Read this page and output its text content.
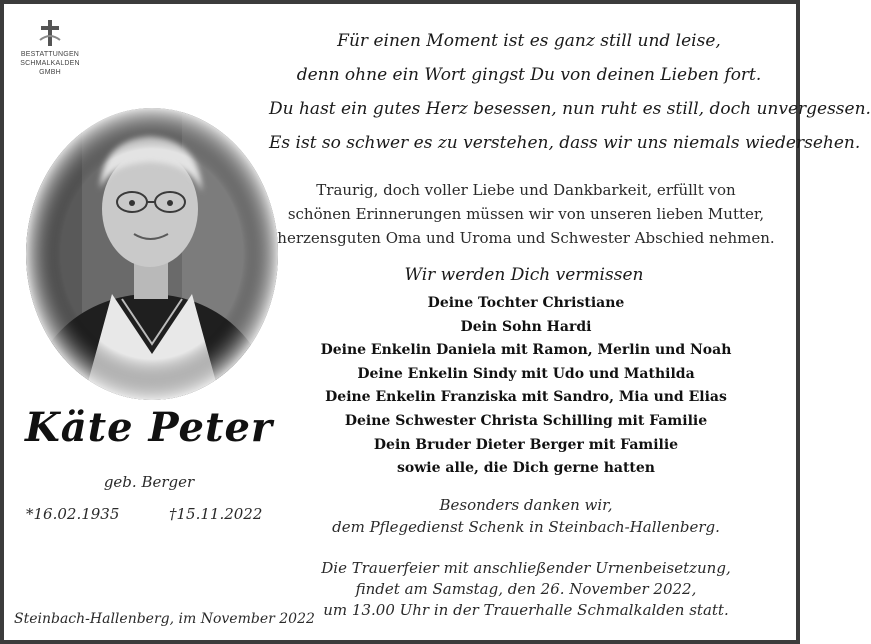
BESTATTUNGEN
SCHMALKALDEN
GMBH
Für einen Moment ist es ganz still und leise,
denn ohne ein Wort gingst Du von deinen Lieben fort.
Du hast ein gutes Herz besessen, nun ruht es still, doch unvergessen.
Es ist so schwer es zu verstehen, dass wir uns niemals wiedersehen.
Käte Peter
geb. Berger
*16.02.1935	†15.11.2022
Traurig, doch voller Liebe und Dankbarkeit, erfüllt von
schönen Erinnerungen müssen wir von unseren lieben Mutter,
herzensguten Oma und Uroma und Schwester Abschied nehmen.
Wir werden Dich vermissen
Deine Tochter Christiane
Dein Sohn Hardi
Deine Enkelin Daniela mit Ramon, Merlin und Noah
Deine Enkelin Sindy mit Udo und Mathilda
Deine Enkelin Franziska mit Sandro, Mia und Elias
Deine Schwester Christa Schilling mit Familie
Dein Bruder Dieter Berger mit Familie
sowie alle, die Dich gerne hatten
Besonders danken wir,
dem Pflegedienst Schenk in Steinbach-Hallenberg.
Die Trauerfeier mit anschließender Urnenbeisetzung,
findet am Samstag, den 26. November 2022,
um 13.00 Uhr in der Trauerhalle Schmalkalden statt.
Steinbach-Hallenberg, im November 2022
